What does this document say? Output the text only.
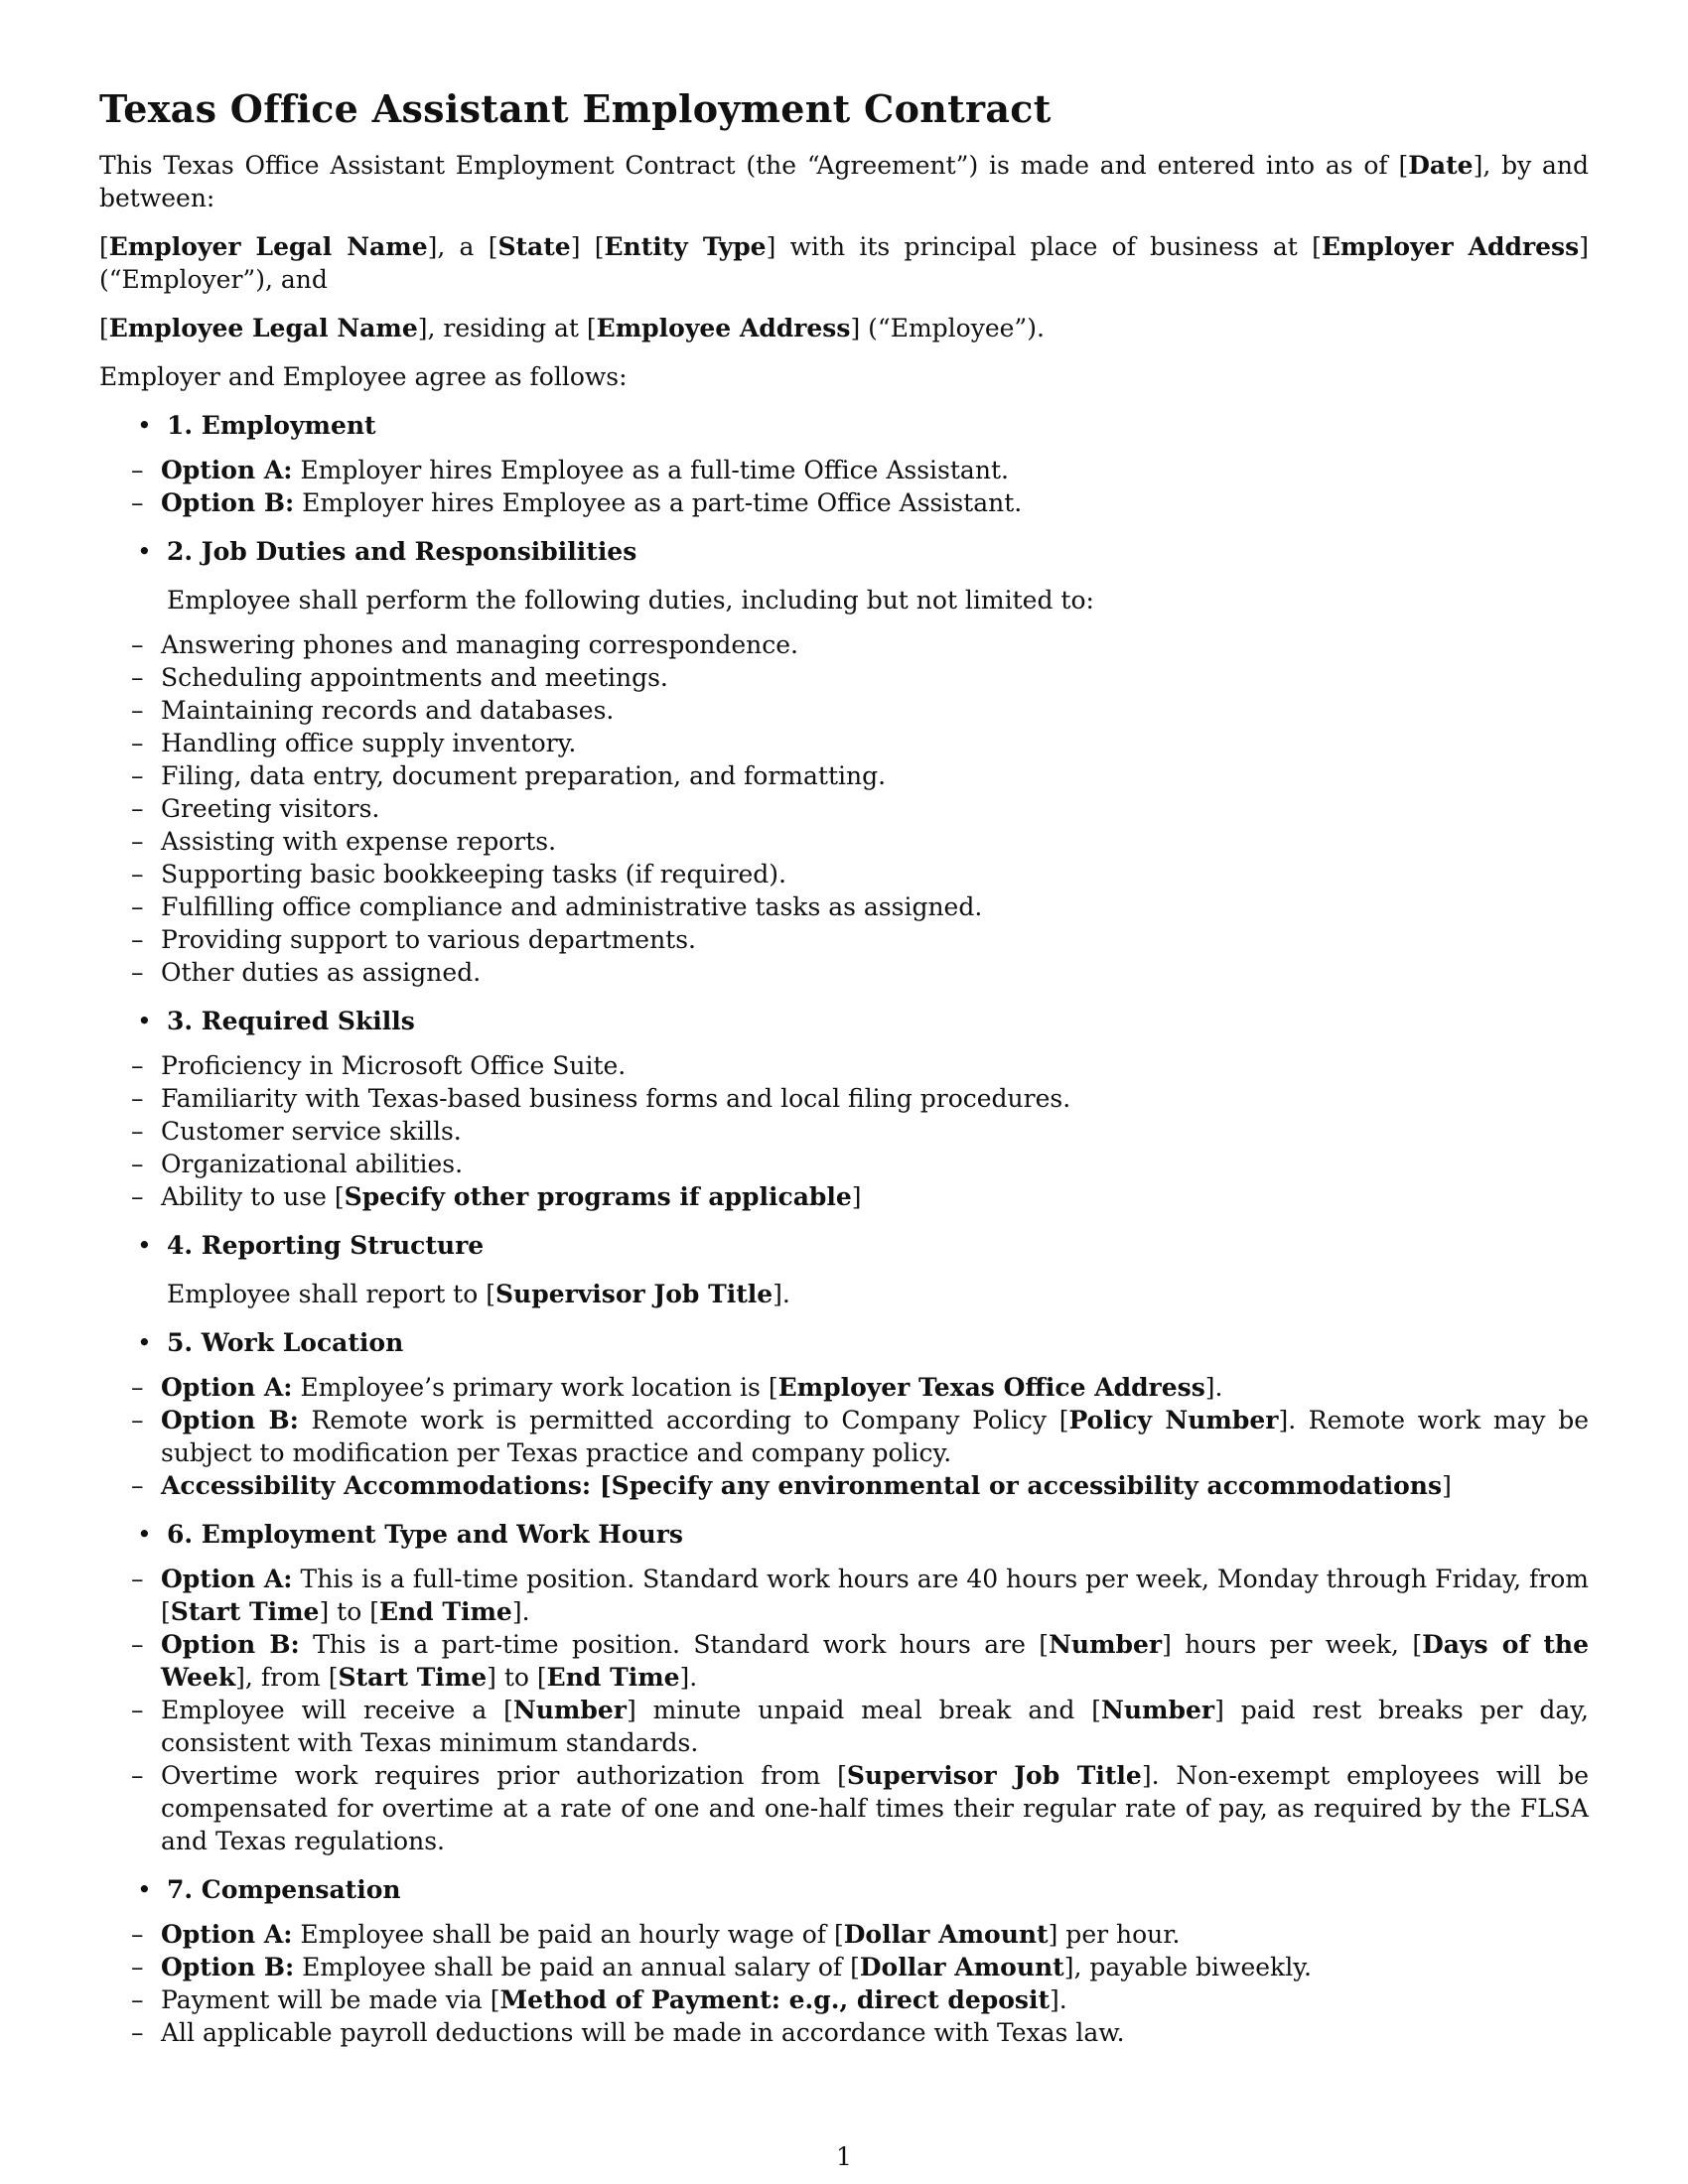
Texas Office Assistant Employment Contract

This Texas Office Assistant Employment Contract (the “Agreement”) is made and entered into as of [Date], by and between:

[Employer Legal Name], a [State] [Entity Type] with its principal place of business at [Employer Address] (“Employer”), and

[Employee Legal Name], residing at [Employee Address] (“Employee”).

Employer and Employee agree as follows:

• 1. Employment
– Option A: Employer hires Employee as a full-time Office Assistant.
– Option B: Employer hires Employee as a part-time Office Assistant.
• 2. Job Duties and Responsibilities

Employee shall perform the following duties, including but not limited to:

– Answering phones and managing correspondence.
– Scheduling appointments and meetings.
– Maintaining records and databases.
– Handling office supply inventory.
– Filing, data entry, document preparation, and formatting.
– Greeting visitors.
– Assisting with expense reports.
– Supporting basic bookkeeping tasks (if required).
– Fulfilling office compliance and administrative tasks as assigned.
– Providing support to various departments.
– Other duties as assigned.
• 3. Required Skills
– Proficiency in Microsoft Office Suite.
– Familiarity with Texas-based business forms and local filing procedures.
– Customer service skills.
– Organizational abilities.
– Ability to use [Specify other programs if applicable]
• 4. Reporting Structure

Employee shall report to [Supervisor Job Title].

• 5. Work Location
– Option A: Employee’s primary work location is [Employer Texas Office Address].
– Option B: Remote work is permitted according to Company Policy [Policy Number]. Remote work may be subject to modification per Texas practice and company policy.
– Accessibility Accommodations: [Specify any environmental or accessibility accommodations]
• 6. Employment Type and Work Hours
– Option A: This is a full-time position. Standard work hours are 40 hours per week, Monday through Friday, from [Start Time] to [End Time].
– Option B: This is a part-time position. Standard work hours are [Number] hours per week, [Days of the Week], from [Start Time] to [End Time].
– Employee will receive a [Number] minute unpaid meal break and [Number] paid rest breaks per day, consistent with Texas minimum standards.
– Overtime work requires prior authorization from [Supervisor Job Title]. Non-exempt employees will be compensated for overtime at a rate of one and one-half times their regular rate of pay, as required by the FLSA and Texas regulations.
• 7. Compensation
– Option A: Employee shall be paid an hourly wage of [Dollar Amount] per hour.
– Option B: Employee shall be paid an annual salary of [Dollar Amount], payable biweekly.
– Payment will be made via [Method of Payment: e.g., direct deposit].
– All applicable payroll deductions will be made in accordance with Texas law.
1
